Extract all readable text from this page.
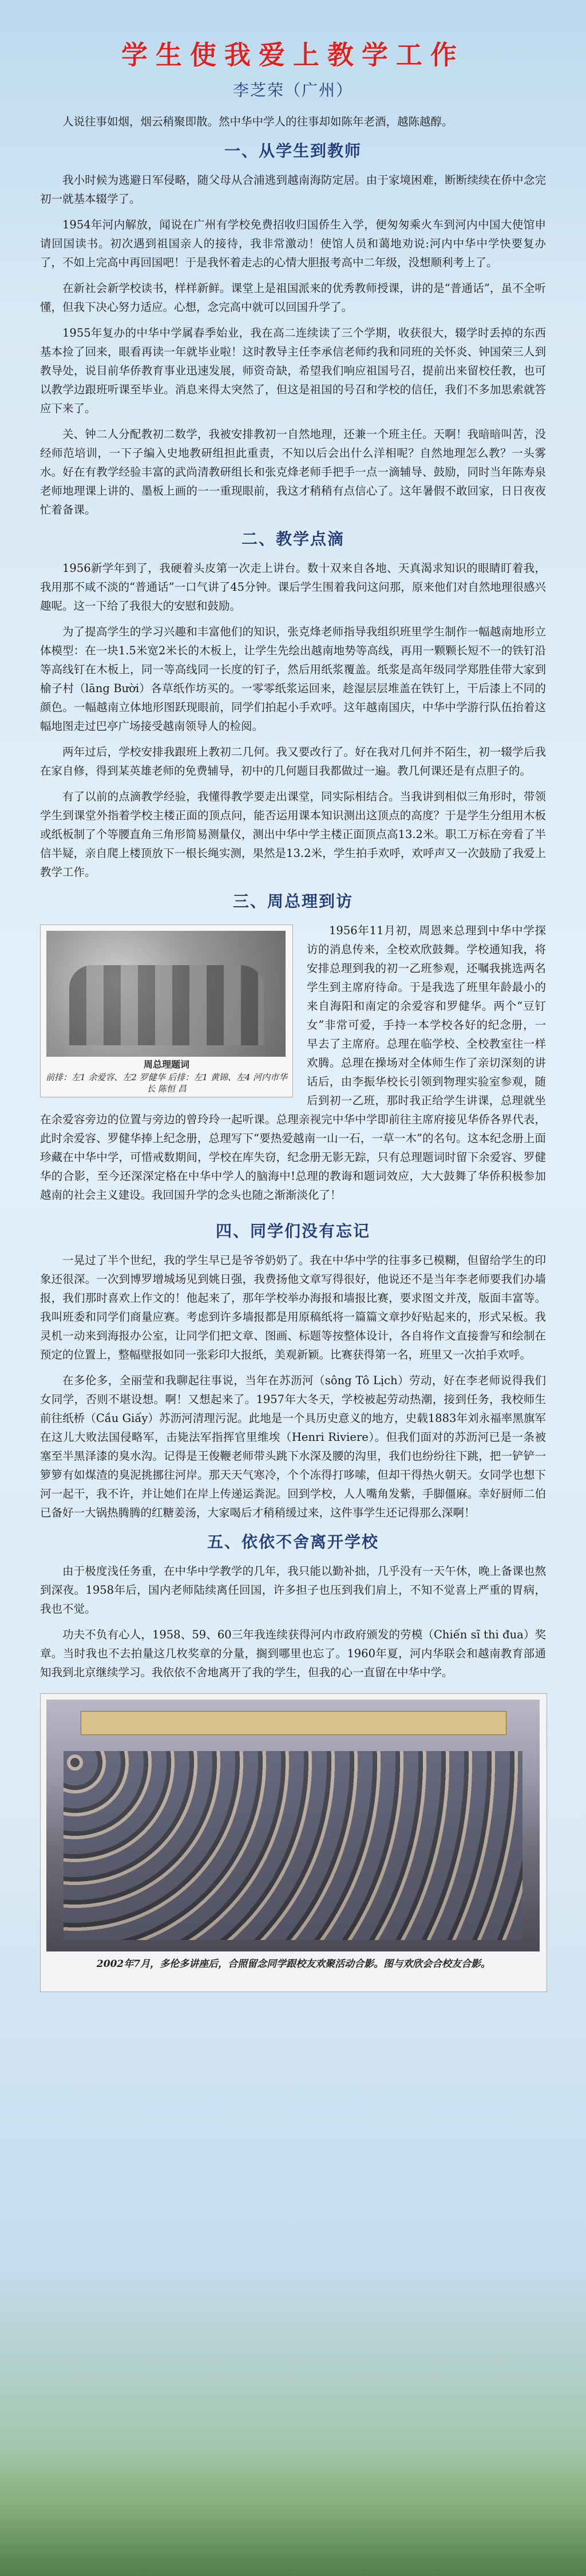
学生使我爱上教学工作
李芝荣（广州）

人说往事如烟，烟云稍聚即散。然中华中学人的往事却如陈年老酒，越陈越醇。

一、从学生到教师

我小时候为逃避日军侵略，随父母从合浦逃到越南海防定居。由于家境困难，断断续续在侨中念完初一就基本辍学了。

1954年河内解放，闻说在广州有学校免费招收归国侨生入学，便匆匆乘火车到河内中国大使馆申请回国读书。初次遇到祖国亲人的接待，我非常激动！使馆人员和蔼地劝说:河内中华中学快要复办了，不如上完高中再回国吧！于是我怀着走忐的心情大胆报考高中二年级，没想顺利考上了。

在新社会新学校读书，样样新鲜。课堂上是祖国派来的优秀教师授课，讲的是“普通话”，虽不全听懂，但我下决心努力适应。心想，念完高中就可以回国升学了。

1955年复办的中华中学属春季始业，我在高二连续读了三个学期，收获很大，辍学时丢掉的东西基本捡了回来，眼看再读一年就毕业啦！这时教导主任李承信老师约我和同班的关怀炎、钟国荣三人到教导处，说目前华侨教育事业迅速发展，师资奇缺，希望我们响应祖国号召，提前出来留校任教，也可以教学边跟班听课至毕业。消息来得太突然了，但这是祖国的号召和学校的信任，我们不多加思索就答应下来了。

关、钟二人分配教初二数学，我被安排教初一自然地理，还兼一个班主任。天啊！我暗暗叫苦，没经师范培训，一下子编入史地教研组担此重责，不知以后会出什么洋相呢？自然地理怎么教？一头雾水。好在有教学经验丰富的武尚清教研组长和张克烽老师手把手一点一滴辅导、鼓励，同时当年陈寿泉老师地理课上讲的、墨板上画的一一重现眼前，我这才稍稍有点信心了。这年暑假不敢回家，日日夜夜忙着备课。

二、教学点滴

1956新学年到了，我硬着头皮第一次走上讲台。数十双来自各地、天真渴求知识的眼睛盯着我，我用那不咸不淡的“普通话”一口气讲了45分钟。课后学生围着我问这问那，原来他们对自然地理很感兴趣呢。这一下给了我很大的安慰和鼓励。

为了提高学生的学习兴趣和丰富他们的知识，张克烽老师指导我组织班里学生制作一幅越南地形立体模型：在一块1.5米宽2米长的木板上，让学生先绘出越南地势等高线，再用一颗颗长短不一的铁钉沿等高线钉在木板上，同一等高线同一长度的钉子，然后用纸浆覆盖。纸浆是高年级同学郑胜佳带大家到榆子村（lāng Bười）各草纸作坊买的。一零零纸浆运回来，趁湿层层堆盖在铁钉上，干后漆上不同的颜色。一幅越南立体地形图跃现眼前，同学们拍起小手欢呼。这年越南国庆，中华中学游行队伍抬着这幅地图走过巴亭广场接受越南领导人的检阅。

两年过后，学校安排我跟班上教初二几何。我又要改行了。好在我对几何并不陌生，初一辍学后我在家自修，得到某英雄老师的免费辅导，初中的几何题目我都做过一遍。教几何课还是有点胆子的。

有了以前的点滴教学经验，我懂得教学要走出课堂，同实际相结合。当我讲到相似三角形时，带领学生到课堂外指着学校主楼正面的顶点问，能否运用课本知识测出这顶点的高度？于是学生分组用木板或纸板制了个等腰直角三角形简易测量仪，测出中华中学主楼正面顶点高13.2米。职工万标在旁看了半信半疑，亲自爬上楼顶放下一根长绳实测，果然是13.2米，学生拍手欢呼，欢呼声又一次鼓励了我爱上教学工作。

三、周总理到访
周总理题词
前排：左1 余爱容、左2 罗健华 后排：左1 黄锦、左4 河内市华 长 陈恒 昌

1956年11月初，周恩来总理到中华中学探访的消息传来，全校欢欣鼓舞。学校通知我，将安排总理到我的初一乙班参观，还嘱我挑选两名学生到主席府待命。于是我选了班里年龄最小的来自海阳和南定的余爱容和罗健华。两个“豆钉女”非常可爱，手持一本学校各好的纪念册，一早去了主席府。总理在临学校、全校教室往一样欢腾。总理在操场对全体师生作了亲切深刻的讲话后，由李振华校长引领到物理实验室参观，随后到初一乙班，那时我正给学生讲课，总理就坐在余爱容旁边的位置与旁边的曾玲玲一起听课。总理亲视完中华中学即前往主席府接见华侨各界代表，此时余爱容、罗健华捧上纪念册，总理写下“要热爱越南一山一石，一草一木”的名句。这本纪念册上面珍藏在中华中学，可惜戒数期间，学校在库失窃，纪念册无影无踪，只有总理题词时留下余爱容、罗健华的合影，至今还深深定格在中华中学人的脑海中!总理的教诲和题词效应，大大鼓舞了华侨积极参加越南的社会主义建设。我回国升学的念头也随之渐渐淡化了！

四、同学们没有忘记

一晃过了半个世纪，我的学生早已是爷爷奶奶了。我在中华中学的往事多已模糊，但留给学生的印象还很深。一次到博罗增城场见到姚日强，我费扬他文章写得很好，他说还不是当年李老师要我们办墙报，我们那时喜欢上作文的！他起来了，那年学校举办海报和墙报比赛，要求图文并茂，版面丰富等。我叫班委和同学们商量应赛。考虑到许多墙报都是用原稿纸将一篇篇文章抄好贴起来的，形式呆板。我灵机一动来到海报办公室，让同学们把文章、图画、标题等按整体设计，各自将作文直接誊写和绘制在预定的位置上，整幅壁报如同一张彩印大报纸，美观新颖。比赛获得第一名，班里又一次拍手欢呼。

在多伦多，全丽莹和我聊起往事说，当年在苏沥河（sông Tô Lịch）劳动，好在李老师说得我们女同学，否则不堪设想。啊！又想起来了。1957年大冬天，学校被起劳动热潮，接到任务，我校师生前往纸桥（Cầu Giấy）苏沥河清理污泥。此地是一个具历史意义的地方，史载1883年刘永福率黑旗军在这儿大败法国侵略军，击毙法军指挥官里维埃（Henri Riviere）。但我们面对的苏沥河已是一条被塞至半黑泽漆的臭水沟。记得是王俊鞭老师带头跳下水深及腰的沟里，我们也纷纷往下跳，把一铲铲一箩箩有如煤渣的臭泥挑挪往河岸。那天天气寒冷，个个冻得打哆嗦，但却干得热火朝天。女同学也想下河一起干，我不许，并让她们在岸上传递运粪泥。回到学校，人人嘴角发紫，手脚僵麻。幸好厨师二伯已备好一大锅热腾腾的红糖姜汤，大家喝后才稍稍缓过来，这件事学生还记得那么深啊！

五、依依不舍离开学校

由于极度浅任务重，在中华中学教学的几年，我只能以勤补拙，几乎没有一天午休，晚上备课也熬到深夜。1958年后，国内老师陆续离任回国，许多担子也压到我们肩上，不知不觉喜上严重的胃病，我也不觉。

功夫不负有心人，1958、59、60三年我连续获得河内市政府颁发的劳模（Chiến sĩ thi đua）奖章。当时我也不去拍量这几枚奖章的分量，搁到哪里也忘了。1960年夏，河内华联会和越南教育部通知我到北京继续学习。我依依不舍地离开了我的学生，但我的心一直留在中华中学。

2002年7月，多伦多讲座后，合照留念同学跟校友欢聚活动合影。图与欢欣会合校友合影。
